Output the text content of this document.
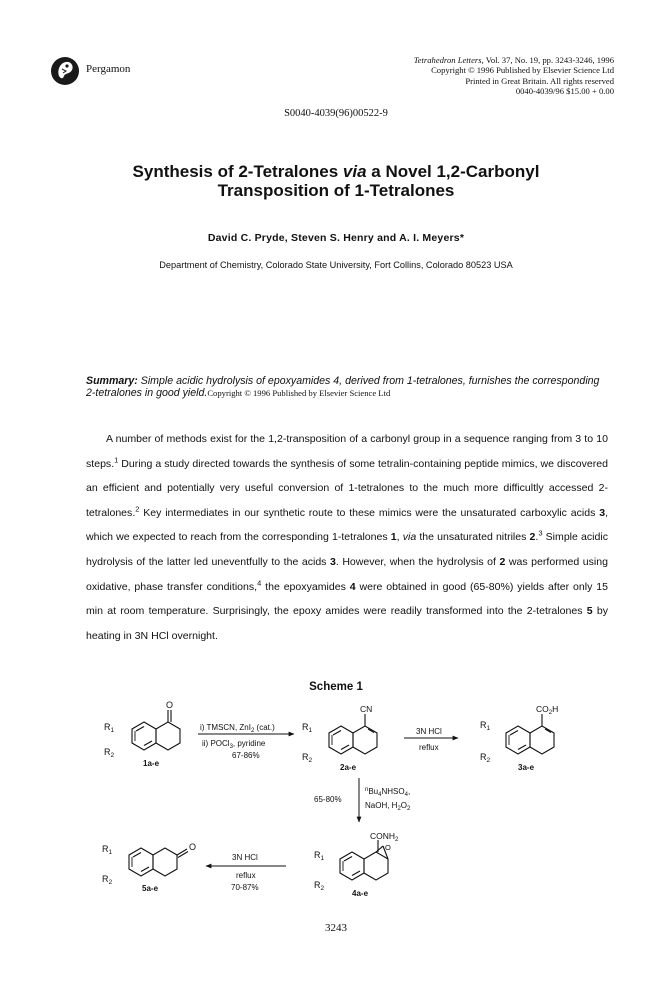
Pergamon
Tetrahedron Letters, Vol. 37, No. 19, pp. 3243-3246, 1996
Copyright © 1996 Published by Elsevier Science Ltd
Printed in Great Britain. All rights reserved
0040-4039/96 $15.00 + 0.00
S0040-4039(96)00522-9
Synthesis of 2-Tetralones via a Novel 1,2-Carbonyl
Transposition of 1-Tetralones
David C. Pryde, Steven S. Henry and A. I. Meyers*
Department of Chemistry, Colorado State University, Fort Collins, Colorado 80523 USA
Summary: Simple acidic hydrolysis of epoxyamides 4, derived from 1-tetralones, furnishes the corresponding 2-tetralones in good yield.Copyright © 1996 Published by Elsevier Science Ltd

A number of methods exist for the 1,2-transposition of a carbonyl group in a sequence ranging from 3 to 10 steps.$^1$ During a study directed towards the synthesis of some tetralin-containing peptide mimics, we discovered an efficient and potentially very useful conversion of 1-tetralones to the much more difficultly accessed 2-tetralones.$^2$ Key intermediates in our synthetic route to these mimics were the unsaturated carboxylic acids 3, which we expected to reach from the corresponding 1-tetralones 1, via the unsaturated nitriles 2.$^3$ Simple acidic hydrolysis of the latter led uneventfully to the acids 3. However, when the hydrolysis of 2 was performed using oxidative, phase transfer conditions,$^4$ the epoxyamides 4 were obtained in good (65-80%) yields after only 15 min at room temperature. Surprisingly, the epoxy amides were readily transformed into the 2-tetralones 5 by heating in 3N HCl overnight.

Scheme 1
O
$R_1$
$R_2$
1a-e
i) TMSCN, ZnI$_2$ (cat.)
ii) POCl$_3$, pyridine
67-86%
CN
$R_1$
$R_2$
2a-e
3N HCl
reflux
$CO_2H$
$R_1$
$R_2$
3a-e
65-80%
$^nBu_4NHSO_4$,
NaOH, $H_2O_2$
O
$CONH_2$
$R_1$
$R_2$
4a-e
3N HCl
reflux
70-87%
O
$R_1$
$R_2$
5a-e
3243
